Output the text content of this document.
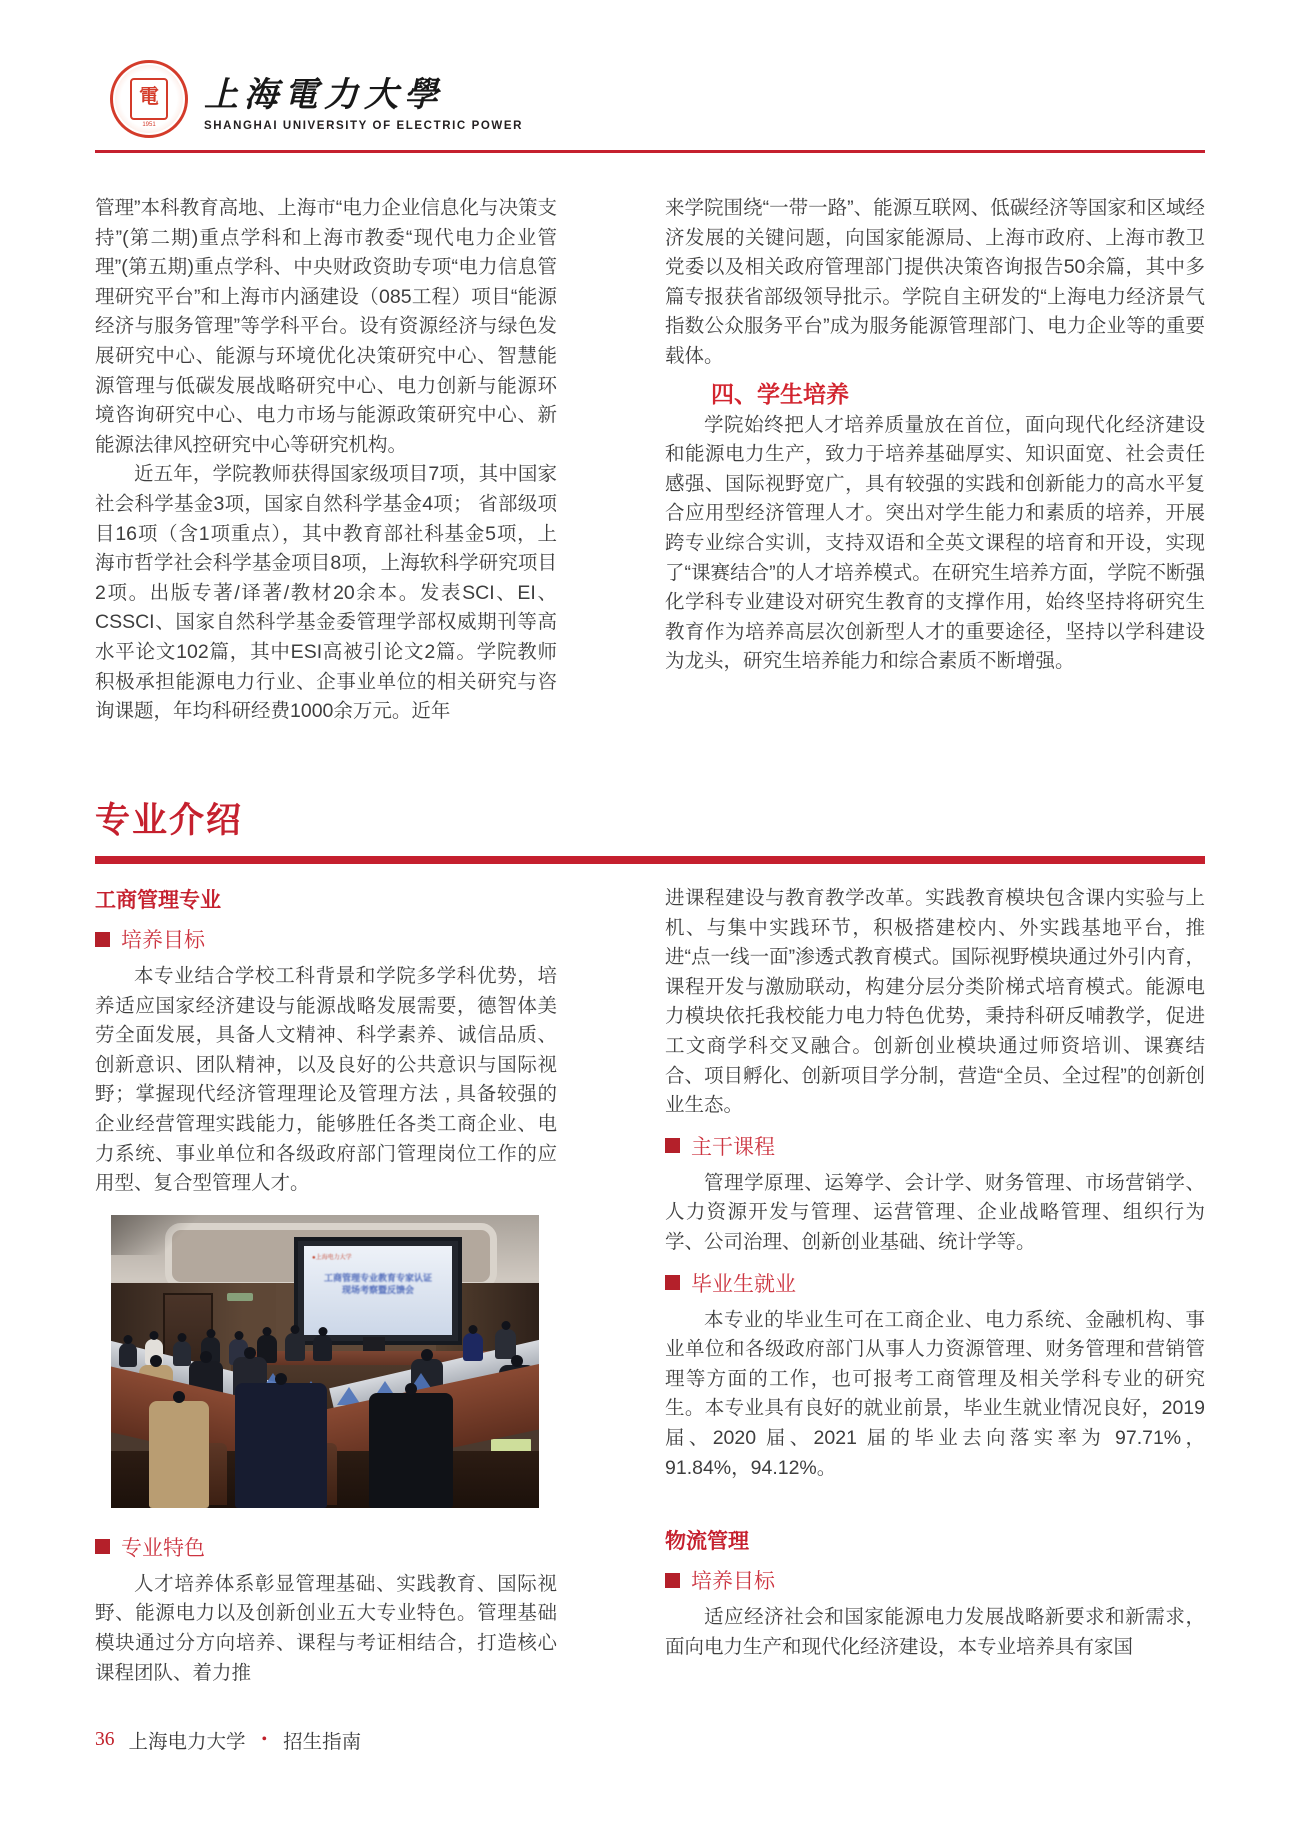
電
1951
上海電力大學
SHANGHAI UNIVERSITY OF ELECTRIC POWER

管理”本科教育高地、上海市“电力企业信息化与决策支持”(第二期)重点学科和上海市教委“现代电力企业管理”(第五期)重点学科、中央财政资助专项“电力信息管理研究平台”和上海市内涵建设（085工程）项目“能源经济与服务管理”等学科平台。设有资源经济与绿色发展研究中心、能源与环境优化决策研究中心、智慧能源管理与低碳发展战略研究中心、电力创新与能源环境咨询研究中心、电力市场与能源政策研究中心、新能源法律风控研究中心等研究机构。

近五年，学院教师获得国家级项目7项，其中国家社会科学基金3项，国家自然科学基金4项； 省部级项目16项（含1项重点），其中教育部社科基金5项，上海市哲学社会科学基金项目8项，上海软科学研究项目2项。出版专著/译著/教材20余本。发表SCI、EI、CSSCI、国家自然科学基金委管理学部权威期刊等高水平论文102篇，其中ESI高被引论文2篇。学院教师积极承担能源电力行业、企事业单位的相关研究与咨询课题，年均科研经费1000余万元。近年

来学院围绕“一带一路”、能源互联网、低碳经济等国家和区域经济发展的关键问题，向国家能源局、上海市政府、上海市教卫党委以及相关政府管理部门提供决策咨询报告50余篇，其中多篇专报获省部级领导批示。学院自主研发的“上海电力经济景气指数公众服务平台”成为服务能源管理部门、电力企业等的重要载体。

四、学生培养

学院始终把人才培养质量放在首位，面向现代化经济建设和能源电力生产，致力于培养基础厚实、知识面宽、社会责任感强、国际视野宽广，具有较强的实践和创新能力的高水平复合应用型经济管理人才。突出对学生能力和素质的培养，开展跨专业综合实训，支持双语和全英文课程的培育和开设，实现了“课赛结合”的人才培养模式。在研究生培养方面，学院不断强化学科专业建设对研究生教育的支撑作用，始终坚持将研究生教育作为培养高层次创新型人才的重要途径，坚持以学科建设为龙头，研究生培养能力和综合素质不断增强。

专业介绍
工商管理专业
培养目标

本专业结合学校工科背景和学院多学科优势，培养适应国家经济建设与能源战略发展需要，德智体美劳全面发展，具备人文精神、科学素养、诚信品质、创新意识、团队精神，以及良好的公共意识与国际视野；掌握现代经济管理理论及管理方法 , 具备较强的企业经营管理实践能力，能够胜任各类工商企业、电力系统、事业单位和各级政府部门管理岗位工作的应用型、复合型管理人才。

●上海电力大学
工商管理专业教育专家认证
现场考察暨反馈会
专业特色

人才培养体系彰显管理基础、实践教育、国际视野、能源电力以及创新创业五大专业特色。管理基础模块通过分方向培养、课程与考证相结合，打造核心课程团队、着力推

进课程建设与教育教学改革。实践教育模块包含课内实验与上机、与集中实践环节，积极搭建校内、外实践基地平台，推进“点一线一面”渗透式教育模式。国际视野模块通过外引内育，课程开发与激励联动，构建分层分类阶梯式培育模式。能源电力模块依托我校能力电力特色优势，秉持科研反哺教学，促进工文商学科交叉融合。创新创业模块通过师资培训、课赛结合、项目孵化、创新项目学分制，营造“全员、全过程”的创新创业生态。

主干课程

管理学原理、运筹学、会计学、财务管理、市场营销学、人力资源开发与管理、运营管理、企业战略管理、组织行为学、公司治理、创新创业基础、统计学等。

毕业生就业

本专业的毕业生可在工商企业、电力系统、金融机构、事业单位和各级政府部门从事人力资源管理、财务管理和营销管理等方面的工作，也可报考工商管理及相关学科专业的研究生。本专业具有良好的就业前景，毕业生就业情况良好，2019 届、2020 届、2021 届的毕业去向落实率为 97.71%，91.84%，94.12%。

物流管理
培养目标

适应经济社会和国家能源电力发展战略新要求和新需求，面向电力生产和现代化经济建设，本专业培养具有家国

36 上海电力大学 • 招生指南
